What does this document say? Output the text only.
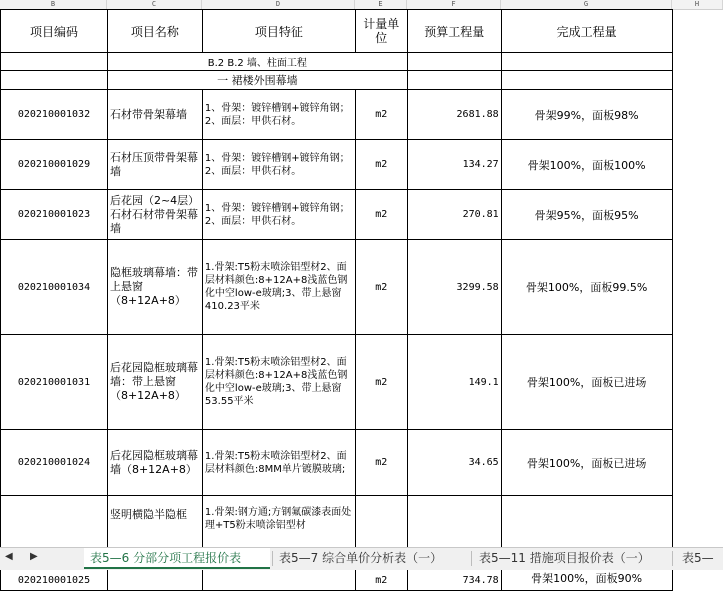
B	C	D	E	F	G	H
项目编码	项目名称	项目特征	计量单位	预算工程量	完成工程量	
	B.2 B.2 墙、柱面工程					
	一 裙楼外围幕墙					
020210001032	石材带骨架幕墙	1、骨架：镀锌槽钢+镀锌角钢；2、面层：甲供石材。	m2	2681.88	骨架99%，面板98%	
020210001029	石材压顶带骨架幕墙	1、骨架：镀锌槽钢+镀锌角钢；2、面层：甲供石材。	m2	134.27	骨架100%，面板100%	
020210001023	后花园（2~4层）石材石材带骨架幕墙	1、骨架：镀锌槽钢+镀锌角钢；2、面层：甲供石材。	m2	270.81	骨架95%，面板95%	
020210001034	隐框玻璃幕墙：带上悬窗（8+12A+8）	1.骨架:T5粉末喷涂铝型材2、面层材料颜色:8+12A+8浅蓝色钢化中空low-e玻璃;3、带上悬窗410.23平米	m2	3299.58	骨架100%，面板99.5%	
020210001031	后花园隐框玻璃幕墙：带上悬窗（8+12A+8）	1.骨架:T5粉末喷涂铝型材2、面层材料颜色:8+12A+8浅蓝色钢化中空low-e玻璃;3、带上悬窗53.55平米	m2	149.1	骨架100%，面板已进场	
020210001024	后花园隐框玻璃幕墙（8+12A+8）	1.骨架:T5粉末喷涂铝型材2、面层材料颜色:8MM单片镀膜玻璃;	m2	34.65	骨架100%，面板已进场	
020210001025	竖明横隐半隐框	1.骨架:钢方通;方钢氟碳漆表面处理+T5粉末喷涂铝型材	m2	734.78	骨架100%，面板90%	
◀ ▶	表5—6 分部分项工程报价表	表5—7 综合单价分析表（一）	表5—11 措施项目报价表（一）	表5—
